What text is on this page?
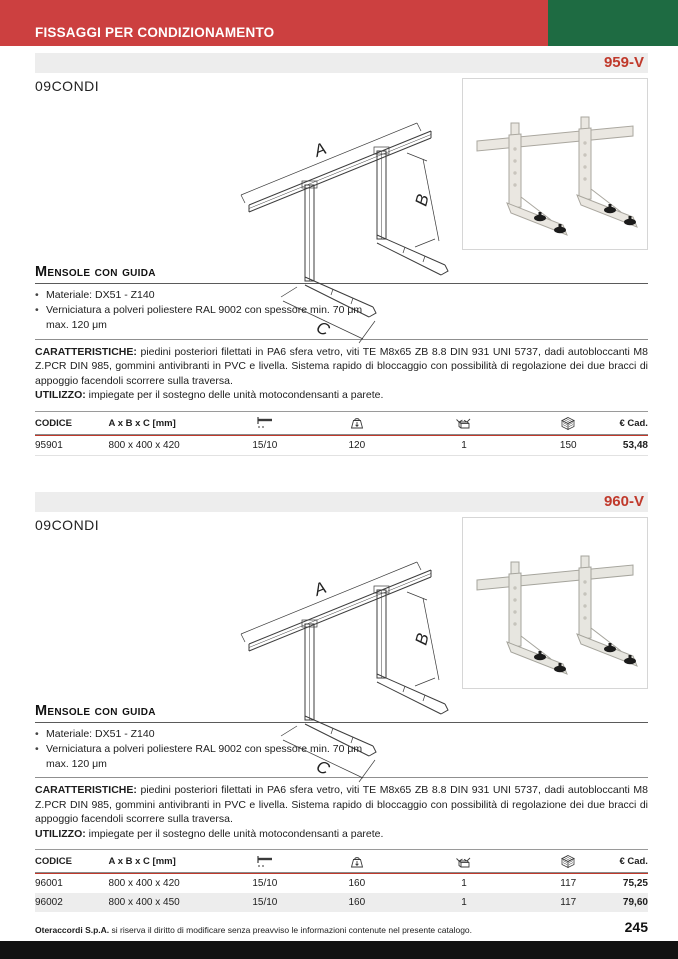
FISSAGGI PER CONDIZIONAMENTO
959-V
09CONDI
A
B
C
Mensole con guida
• Materiale: DX51 - Z140
• Verniciatura a polveri poliestere RAL 9002 con spessore min. 70 μm
max. 120 μm
CARATTERISTICHE: piedini posteriori filettati in PA6 sfera vetro, viti TE M8x65 ZB 8.8 DIN 931 UNI 5737, dadi autobloccanti M8 Z.PCR DIN 985, gommini antivibranti in PVC e livella. Sistema rapido di bloccaggio con possibilità di regolazione dei due bracci di appoggio facendoli scorrere sulla traversa.
UTILIZZO: impiegate per il sostegno delle unità motocondensanti a parete.
CODICE	A x B x C [mm]	€ Cad.
95901	800 x 400 x 420	15/10	120	1	150	53,48
960-V
09CONDI
A
B
C
Mensole con guida
• Materiale: DX51 - Z140
• Verniciatura a polveri poliestere RAL 9002 con spessore min. 70 μm
max. 120 μm
CARATTERISTICHE: piedini posteriori filettati in PA6 sfera vetro, viti TE M8x65 ZB 8.8 DIN 931 UNI 5737, dadi autobloccanti M8 Z.PCR DIN 985, gommini antivibranti in PVC e livella. Sistema rapido di bloccaggio con possibilità di regolazione dei due bracci di appoggio facendoli scorrere sulla traversa.
UTILIZZO: impiegate per il sostegno delle unità motocondensanti a parete.
CODICE	A x B x C [mm]	€ Cad.
96001	800 x 400 x 420	15/10	160	1	117	75,25
96002	800 x 400 x 450	15/10	160	1	117	79,60
Oteraccordi S.p.A. si riserva il diritto di modificare senza preavviso le informazioni contenute nel presente catalogo.	245
